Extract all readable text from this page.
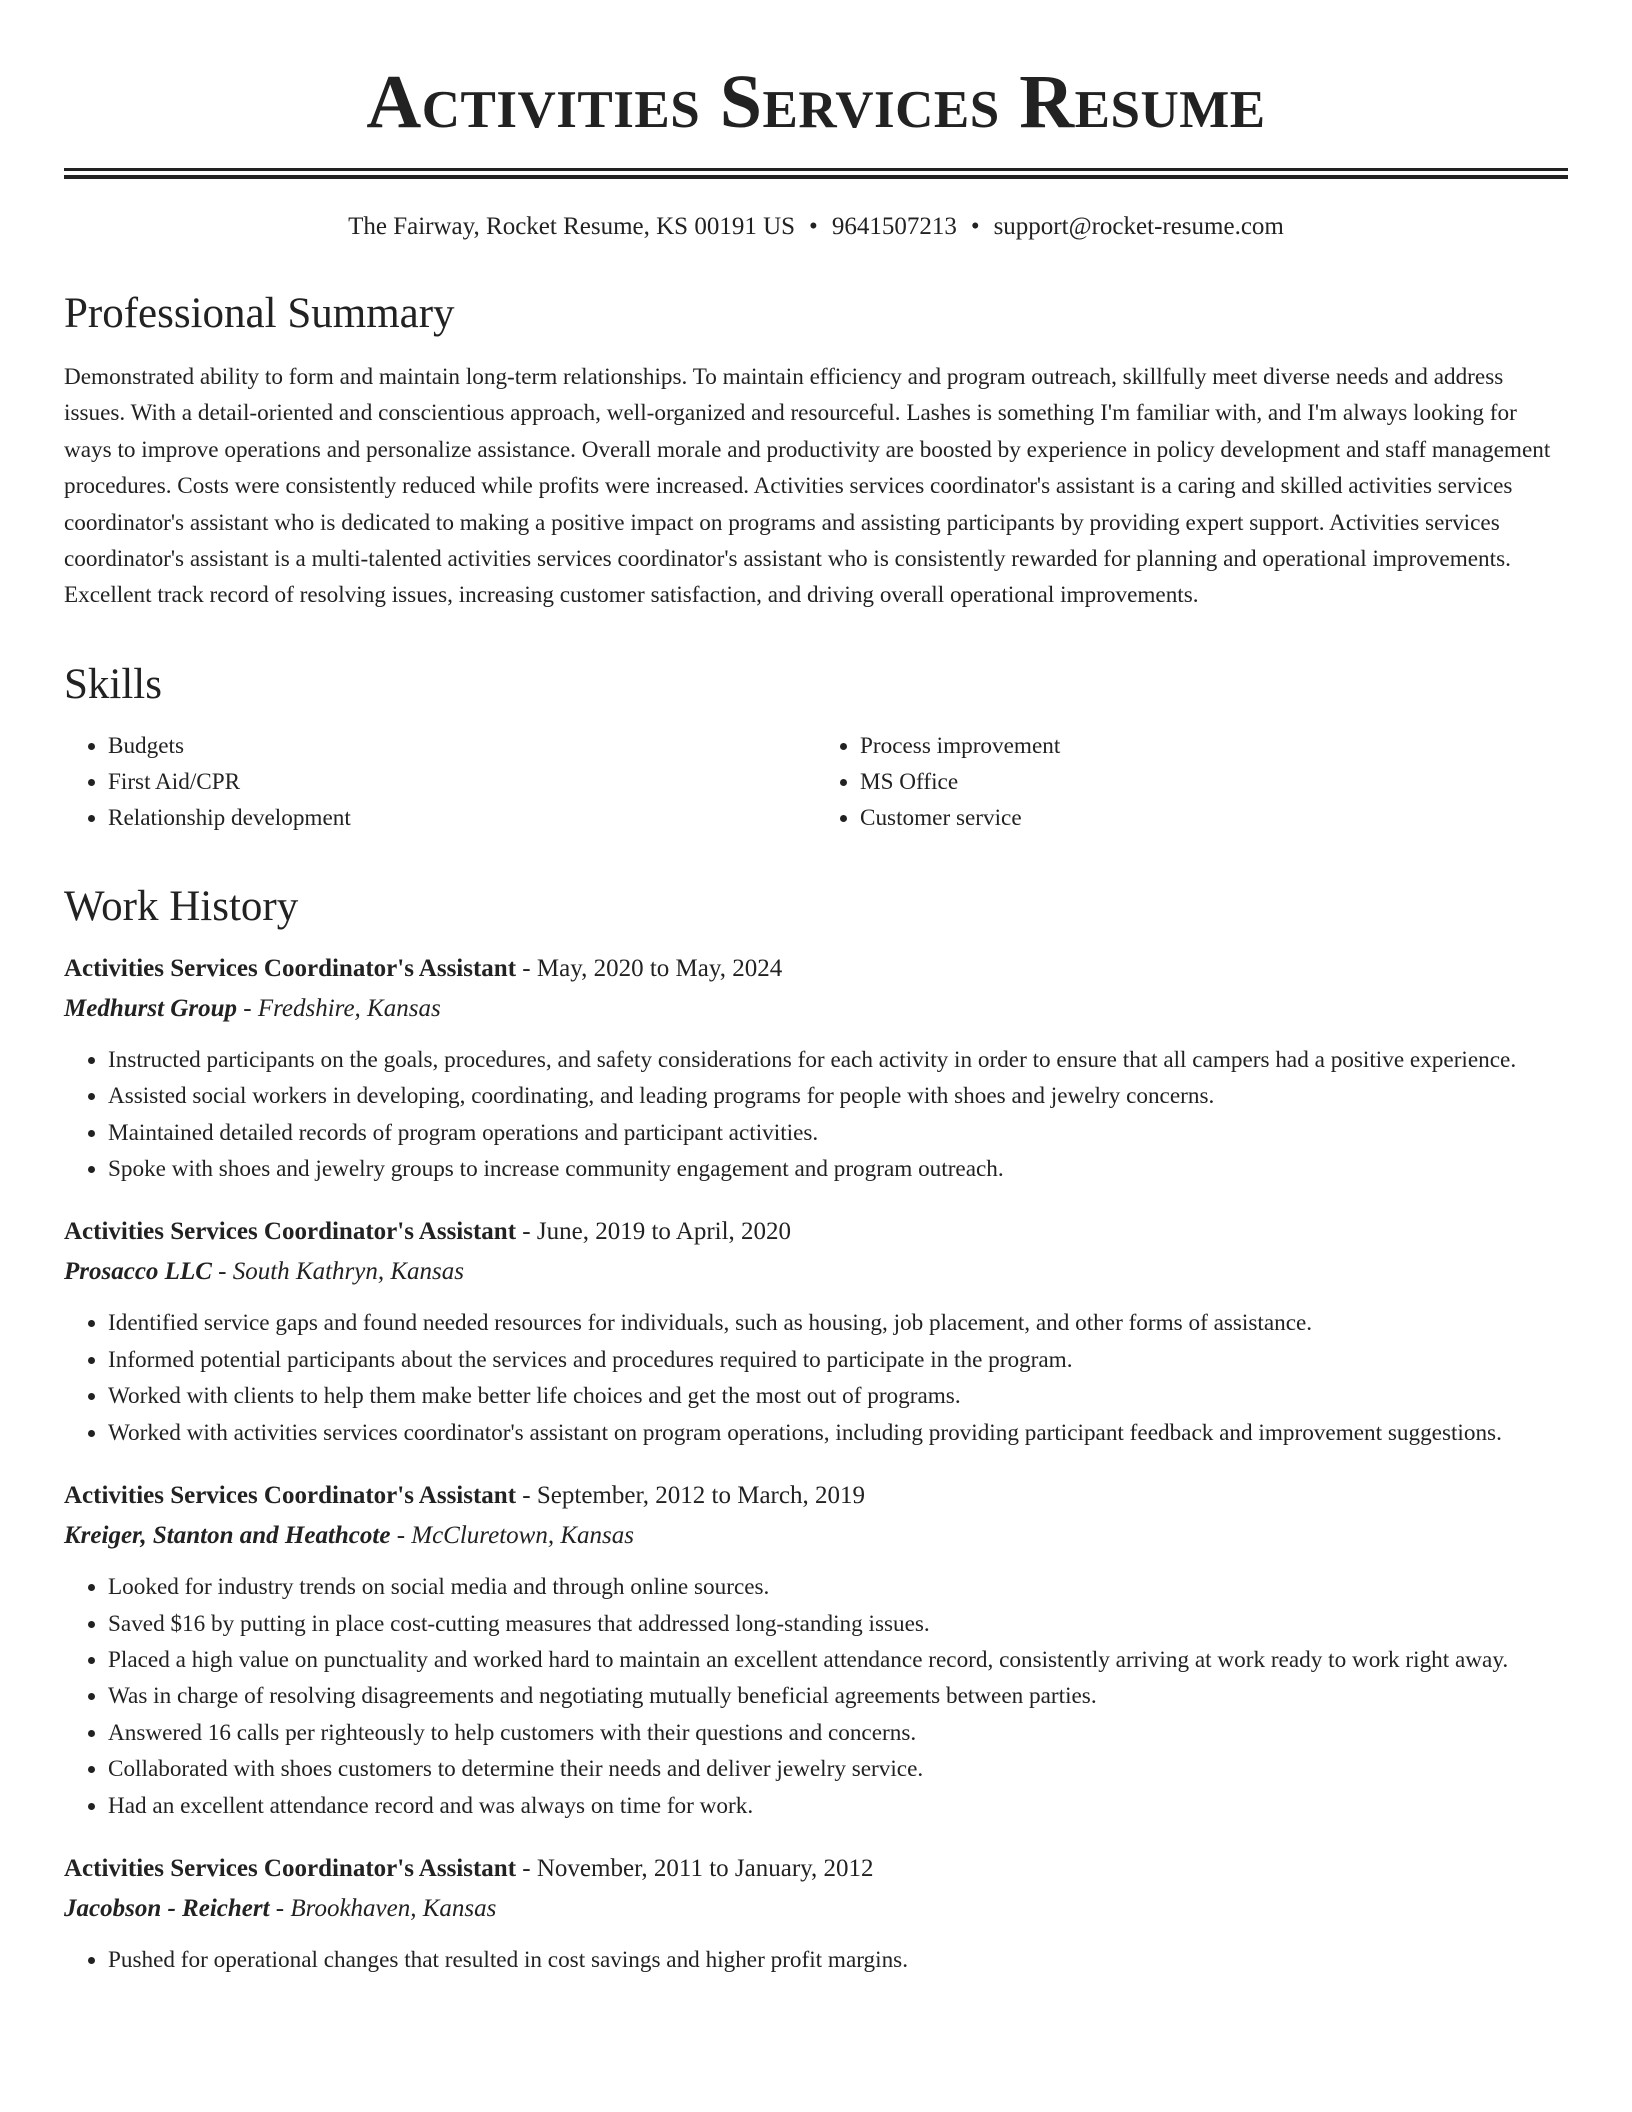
Activities Services Resume
The Fairway, Rocket Resume, KS 00191 US • 9641507213 • support@rocket-resume.com
Professional Summary

Demonstrated ability to form and maintain long-term relationships. To maintain efficiency and program outreach, skillfully meet diverse needs and address issues. With a detail-oriented and conscientious approach, well-organized and resourceful. Lashes is something I'm familiar with, and I'm always looking for ways to improve operations and personalize assistance. Overall morale and productivity are boosted by experience in policy development and staff management procedures. Costs were consistently reduced while profits were increased. Activities services coordinator's assistant is a caring and skilled activities services coordinator's assistant who is dedicated to making a positive impact on programs and assisting participants by providing expert support. Activities services coordinator's assistant is a multi-talented activities services coordinator's assistant who is consistently rewarded for planning and operational improvements. Excellent track record of resolving issues, increasing customer satisfaction, and driving overall operational improvements.

Skills
• Budgets
• First Aid/CPR
• Relationship development
• Process improvement
• MS Office
• Customer service
Work History
Activities Services Coordinator's Assistant - May, 2020 to May, 2024
Medhurst Group - Fredshire, Kansas
• Instructed participants on the goals, procedures, and safety considerations for each activity in order to ensure that all campers had a positive experience.
• Assisted social workers in developing, coordinating, and leading programs for people with shoes and jewelry concerns.
• Maintained detailed records of program operations and participant activities.
• Spoke with shoes and jewelry groups to increase community engagement and program outreach.
Activities Services Coordinator's Assistant - June, 2019 to April, 2020
Prosacco LLC - South Kathryn, Kansas
• Identified service gaps and found needed resources for individuals, such as housing, job placement, and other forms of assistance.
• Informed potential participants about the services and procedures required to participate in the program.
• Worked with clients to help them make better life choices and get the most out of programs.
• Worked with activities services coordinator's assistant on program operations, including providing participant feedback and improvement suggestions.
Activities Services Coordinator's Assistant - September, 2012 to March, 2019
Kreiger, Stanton and Heathcote - McCluretown, Kansas
• Looked for industry trends on social media and through online sources.
• Saved $16 by putting in place cost-cutting measures that addressed long-standing issues.
• Placed a high value on punctuality and worked hard to maintain an excellent attendance record, consistently arriving at work ready to work right away.
• Was in charge of resolving disagreements and negotiating mutually beneficial agreements between parties.
• Answered 16 calls per righteously to help customers with their questions and concerns.
• Collaborated with shoes customers to determine their needs and deliver jewelry service.
• Had an excellent attendance record and was always on time for work.
Activities Services Coordinator's Assistant - November, 2011 to January, 2012
Jacobson - Reichert - Brookhaven, Kansas
• Pushed for operational changes that resulted in cost savings and higher profit margins.
